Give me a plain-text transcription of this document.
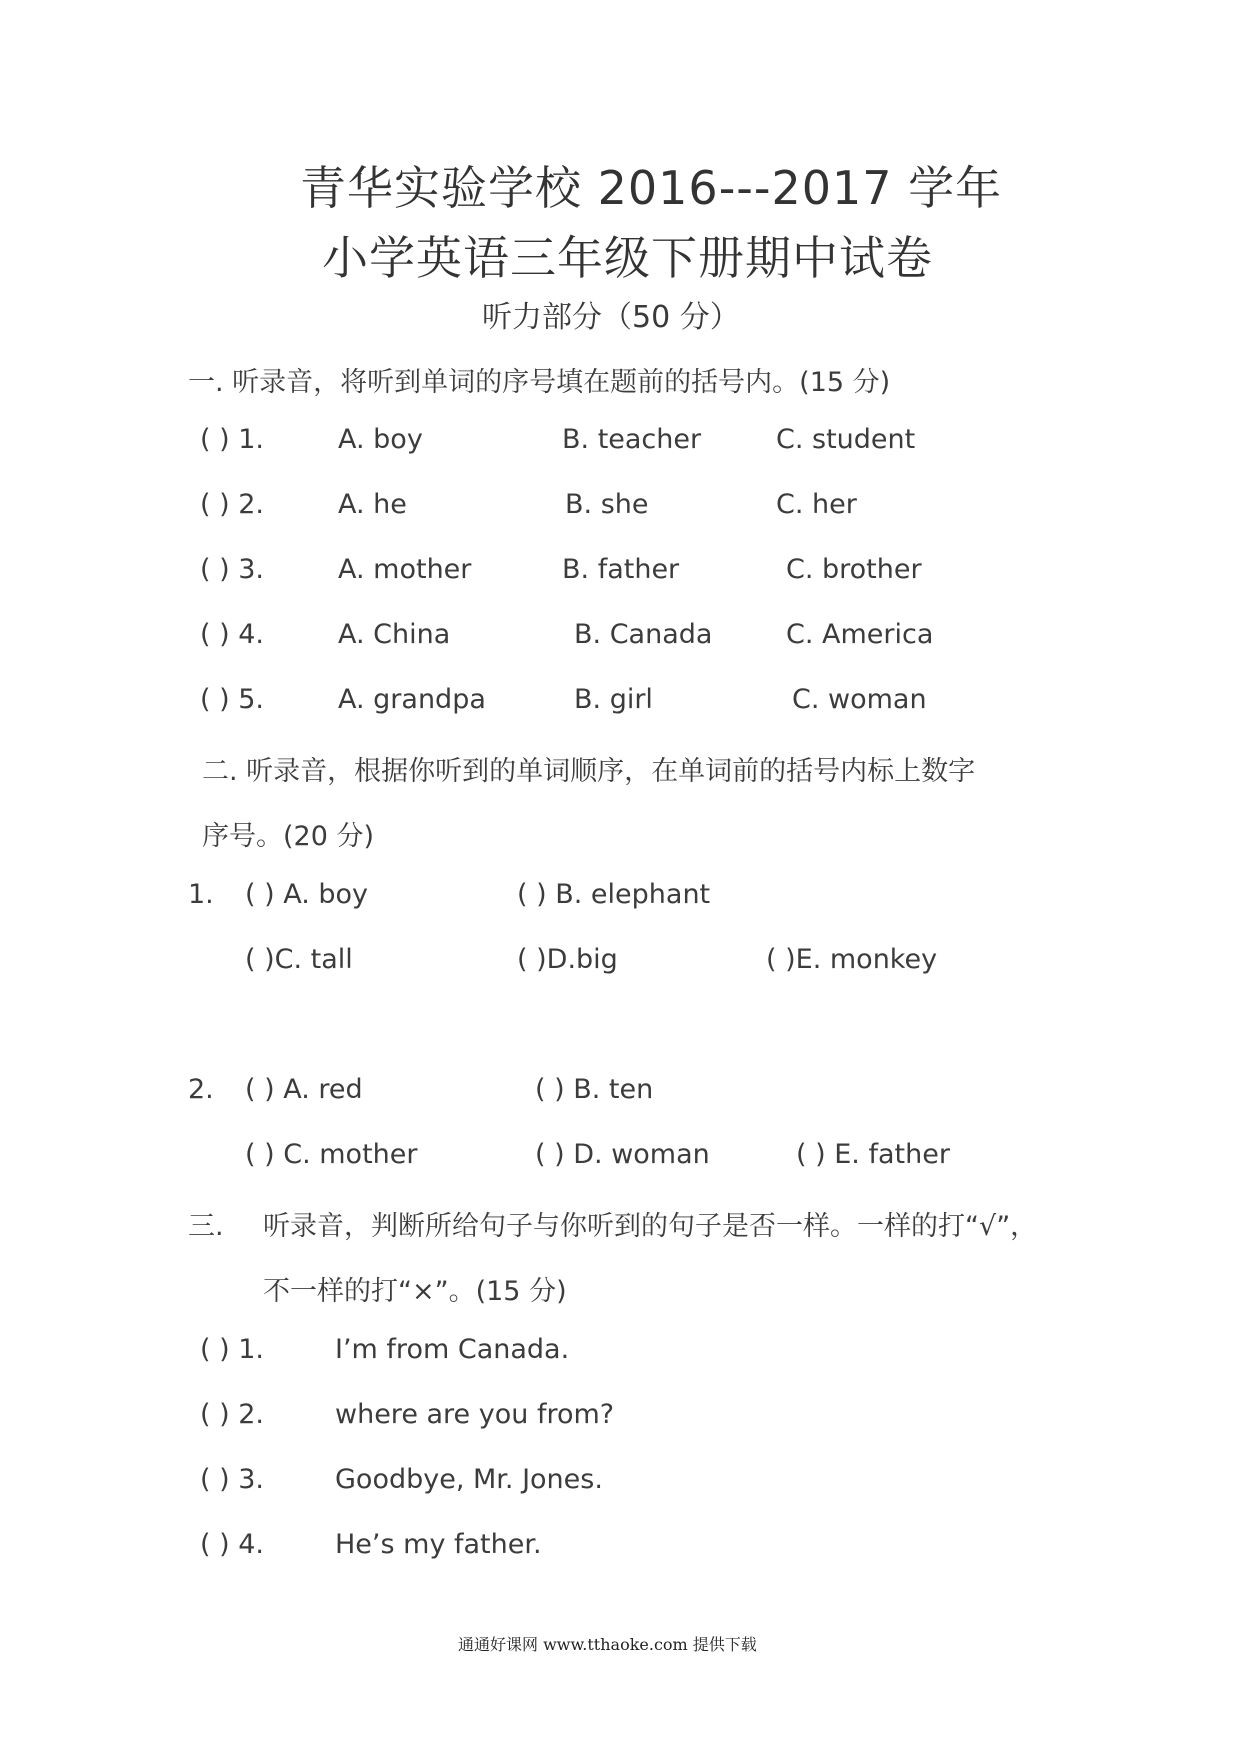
青华实验学校 2016---2017 学年
小学英语三年级下册期中试卷
听力部分（50 分）
一. 听录音，将听到单词的序号填在题前的括号内。(15 分)
( ) 1.	A. boy	B. teacher	C. student
( ) 2.	A. he	B. she	C. her
( ) 3.	A. mother	B. father	C. brother
( ) 4.	A. China	B. Canada	C. America
( ) 5.	A. grandpa	B. girl	C. woman
二. 听录音，根据你听到的单词顺序，在单词前的括号内标上数字
序号。(20 分)
1. ( ) A. boy	( ) B. elephant
( )C. tall	( )D.big	( )E. monkey
2. ( ) A. red	( ) B. ten
( ) C. mother	( ) D. woman	( ) E. father
三. 听录音，判断所给句子与你听到的句子是否一样。一样的打“√”，
不一样的打“×”。(15 分)
( ) 1.	I’m from Canada.
( ) 2.	where are you from?
( ) 3.	Goodbye, Mr. Jones.
( ) 4.	He’s my father.
通通好课网 www.tthaoke.com 提供下载
